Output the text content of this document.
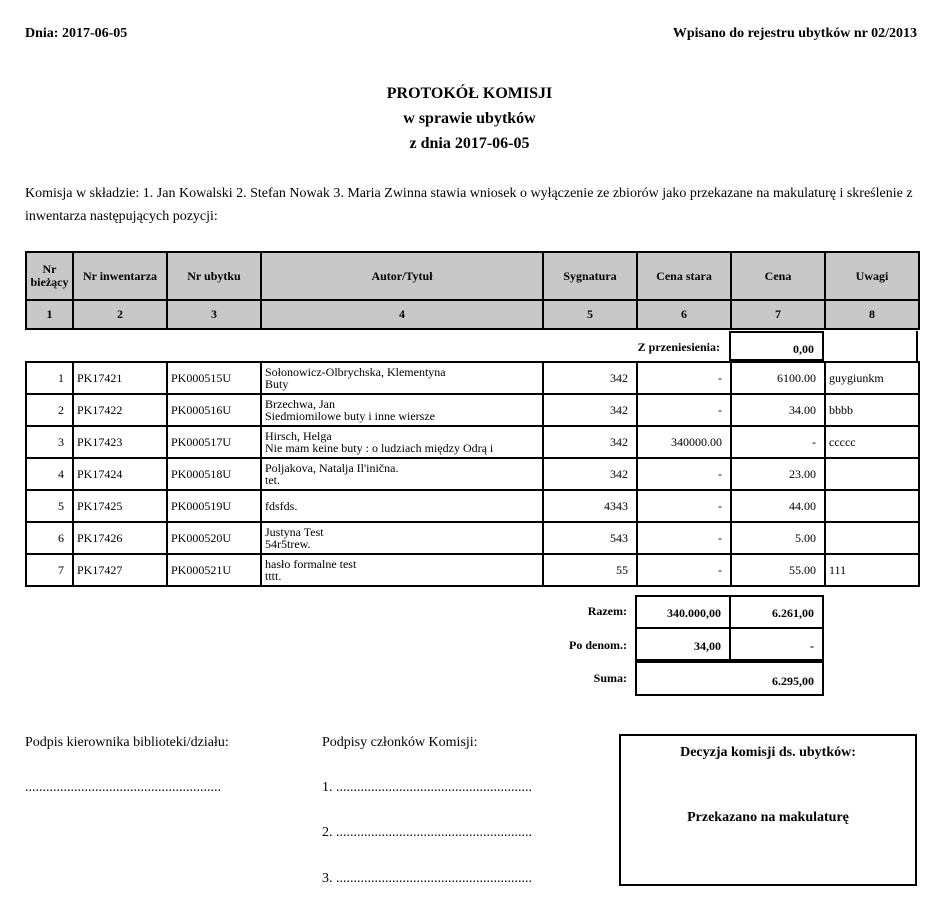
Dnia: 2017-06-05	Wpisano do rejestru ubytków nr 02/2013
PROTOKÓŁ KOMISJI
w sprawie ubytków
z dnia 2017-06-05
Komisja w składzie: 1. Jan Kowalski 2. Stefan Nowak 3. Maria Zwinna stawia wniosek o wyłączenie ze zbiorów jako przekazane na makulaturę i skreślenie z inwentarza następujących pozycji:
Nr bieżący	Nr inwentarza	Nr ubytku	Autor/Tytuł	Sygnatura	Cena stara	Cena	Uwagi
1	2	3	4	5	6	7	8
Z przeniesienia:	0,00
1	PK17421	PK000515U	Sołonowicz-Olbrychska, Klementyna
Buty	342	-	6100.00	guygiunkm
2	PK17422	PK000516U	Brzechwa, Jan
Siedmiomilowe buty i inne wiersze	342	-	34.00	bbbb
3	PK17423	PK000517U	Hirsch, Helga
Nie mam keine buty : o ludziach między Odrą i	342	340000.00	-	ccccc
4	PK17424	PK000518U	Poljakova, Natalja Il'inična.
tet.	342	-	23.00	
5	PK17425	PK000519U	fdsfds.	4343	-	44.00	
6	PK17426	PK000520U	Justyna Test
54r5trew.	543	-	5.00	
7	PK17427	PK000521U	hasło formalne test
tttt.	55	-	55.00	111
Razem:	340.000,00	6.261,00
Po denom.:	34,00	-
Suma:	6.295,00
Podpis kierownika biblioteki/działu:
........................................................
Podpisy członków Komisji:
1. ........................................................
2. ........................................................
3. ........................................................
Decyzja komisji ds. ubytków:
Przekazano na makulaturę
